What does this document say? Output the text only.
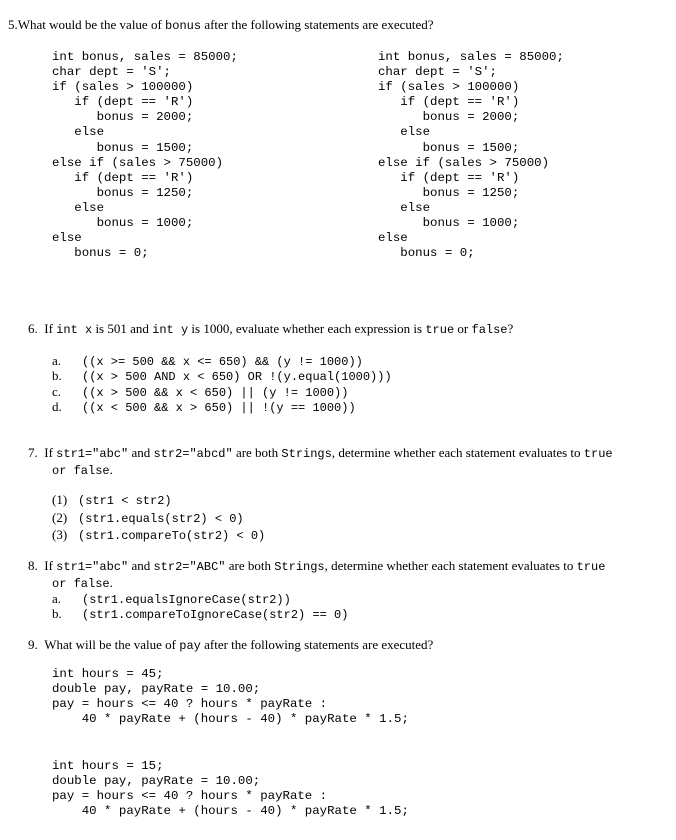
5.What would be the value of bonus after the following statements are executed?
int bonus, sales = 85000;
char dept = 'S';
if (sales > 100000)
if (dept == 'R')
bonus = 2000;
else
bonus = 1500;
else if (sales > 75000)
if (dept == 'R')
bonus = 1250;
else
bonus = 1000;
else
bonus = 0;
int bonus, sales = 85000;
char dept = 'S';
if (sales > 100000)
if (dept == 'R')
bonus = 2000;
else
bonus = 1500;
else if (sales > 75000)
if (dept == 'R')
bonus = 1250;
else
bonus = 1000;
else
bonus = 0;
6. If int x is 501 and int y is 1000, evaluate whether each expression is true or false?
a. ((x >= 500 && x <= 650) && (y != 1000))
b. ((x > 500 AND x < 650) OR !(y.equal(1000)))
c. ((x > 500 && x < 650) || (y != 1000))
d. ((x < 500 && x > 650) || !(y == 1000))
7. If str1="abc" and str2="abcd" are both Strings, determine whether each statement evaluates to true
or false.
(1) (str1 < str2)
(2) (str1.equals(str2) < 0)
(3) (str1.compareTo(str2) < 0)
8. If str1="abc" and str2="ABC" are both Strings, determine whether each statement evaluates to true
or false.
a. (str1.equalsIgnoreCase(str2))
b. (str1.compareToIgnoreCase(str2) == 0)
9. What will be the value of pay after the following statements are executed?
int hours = 45;
double pay, payRate = 10.00;
pay = hours <= 40 ? hours * payRate :
40 * payRate + (hours - 40) * payRate * 1.5;
int hours = 15;
double pay, payRate = 10.00;
pay = hours <= 40 ? hours * payRate :
40 * payRate + (hours - 40) * payRate * 1.5;
